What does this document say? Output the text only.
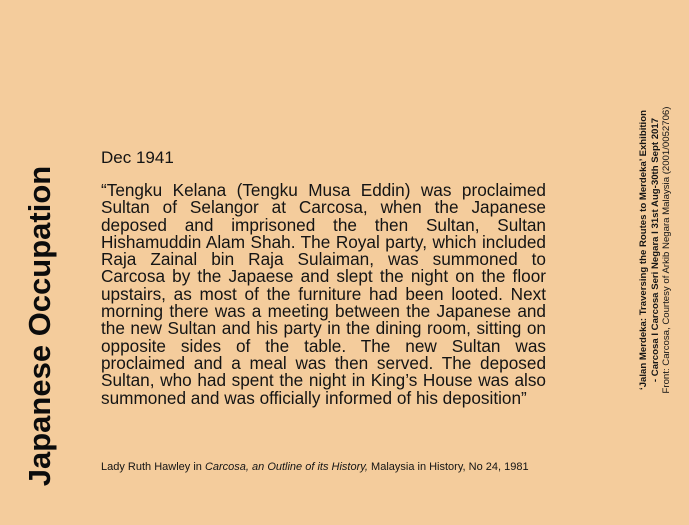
Japanese Occupation
Dec 1941

“Tengku Kelana (Tengku Musa Eddin) was proclaimed Sultan of Selangor at Carcosa, when the Japanese deposed and imprisoned the then Sultan, Sultan Hishamuddin Alam Shah. The Royal party, which included Raja Zainal bin Raja Sulaiman, was summoned to Carcosa by the Japaese and slept the night on the floor upstairs, as most of the furniture had been looted. Next morning there was a meeting between the Japanese and the new Sultan and his party in the dining room, sitting on opposite sides of the table. The new Sultan was proclaimed and a meal was then served. The deposed Sultan, who had spent the night in King’s House was also summoned and was officially informed of his deposition”

Lady Ruth Hawley in Carcosa, an Outline of its History, Malaysia in History, No 24, 1981
‘Jalan Merdeka: Traversing the Routes to Merdeka’ Exhibition - Carcosa I Carcosa Seri Negara I 31st Aug-30th Sept 2017 Front: Carcosa, Courtesy of Arkib Negara Malaysia (2001/0052706)
